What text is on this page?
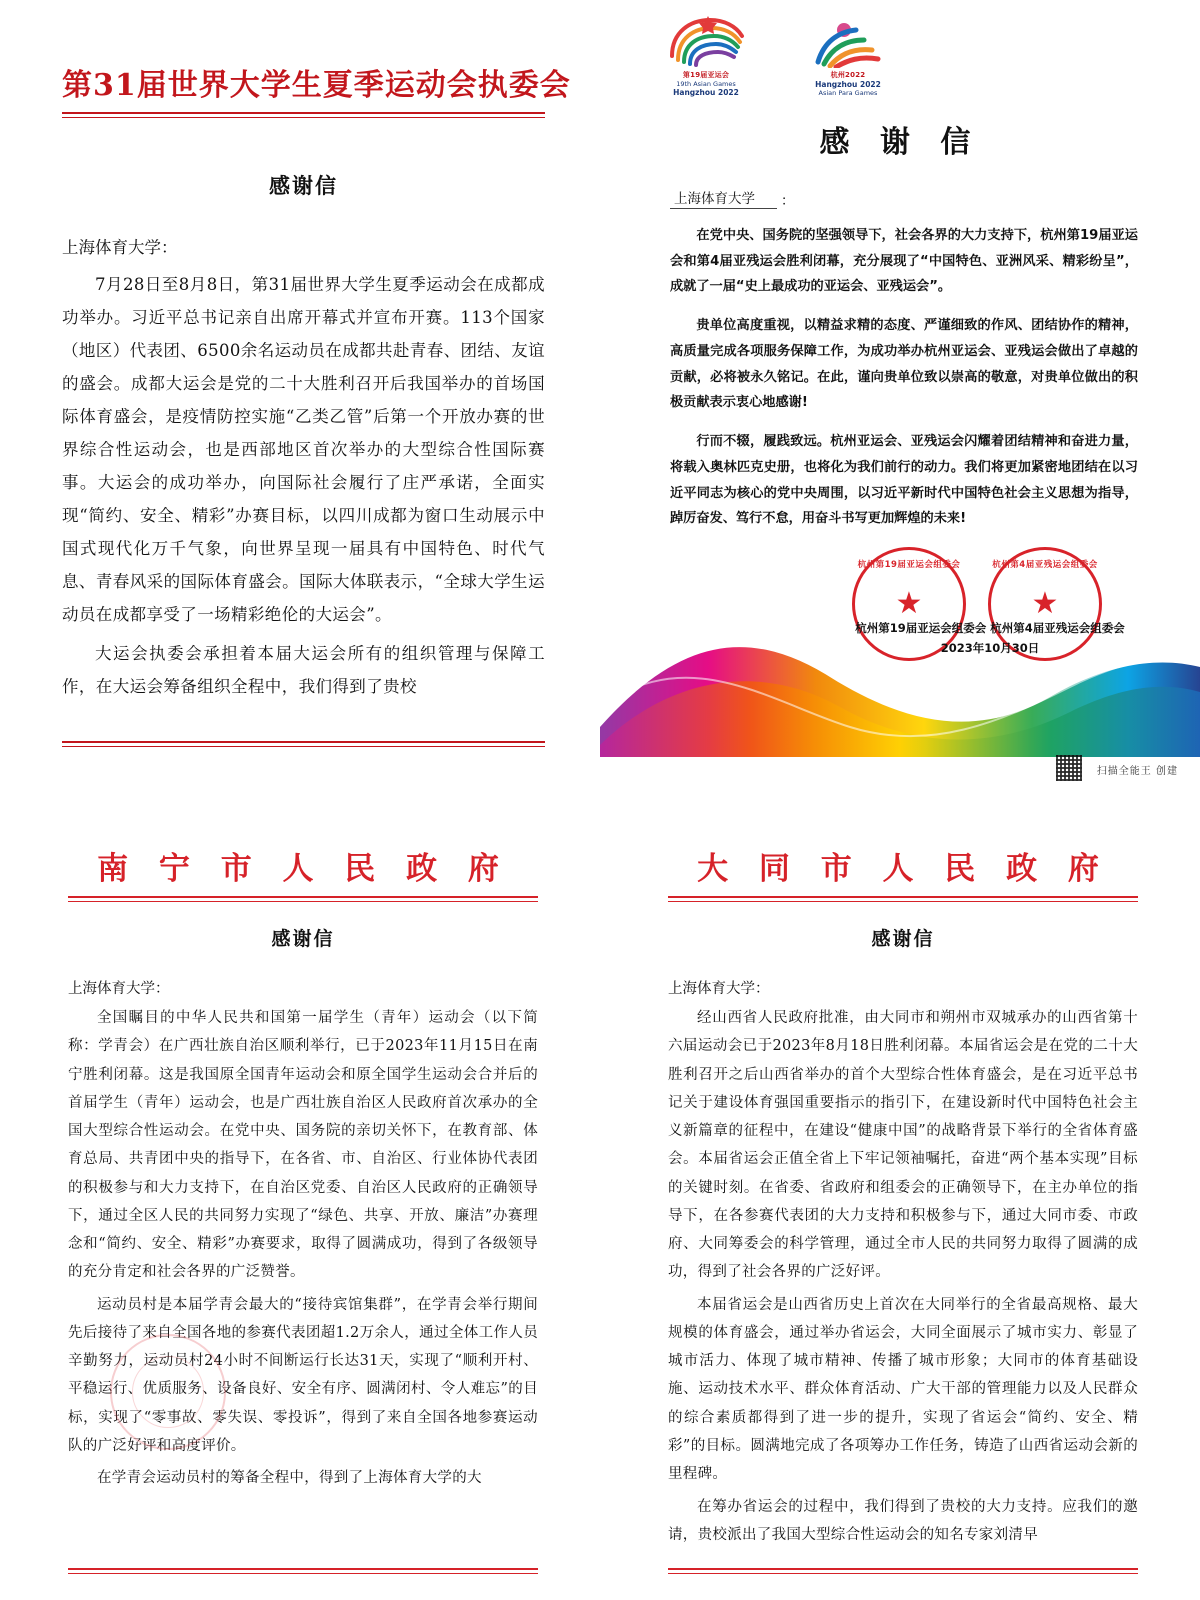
第31届世界大学生夏季运动会执委会
感谢信
上海体育大学：

7月28日至8月8日，第31届世界大学生夏季运动会在成都成功举办。习近平总书记亲自出席开幕式并宣布开赛。113个国家（地区）代表团、6500余名运动员在成都共赴青春、团结、友谊的盛会。成都大运会是党的二十大胜利召开后我国举办的首场国际体育盛会，是疫情防控实施“乙类乙管”后第一个开放办赛的世界综合性运动会，也是西部地区首次举办的大型综合性国际赛事。大运会的成功举办，向国际社会履行了庄严承诺，全面实现“简约、安全、精彩”办赛目标，以四川成都为窗口生动展示中国式现代化万千气象，向世界呈现一届具有中国特色、时代气息、青春风采的国际体育盛会。国际大体联表示，“全球大学生运动员在成都享受了一场精彩绝伦的大运会”。

大运会执委会承担着本届大运会所有的组织管理与保障工作，在大运会筹备组织全程中，我们得到了贵校

第19届亚运会
19th Asian Games
Hangzhou 2022
杭州2022
Hangzhou 2022
Asian Para Games
感 谢 信
上海体育大学	：

在党中央、国务院的坚强领导下，社会各界的大力支持下，杭州第19届亚运会和第4届亚残运会胜利闭幕，充分展现了“中国特色、亚洲风采、精彩纷呈”，成就了一届“史上最成功的亚运会、亚残运会”。

贵单位高度重视，以精益求精的态度、严谨细致的作风、团结协作的精神，高质量完成各项服务保障工作，为成功举办杭州亚运会、亚残运会做出了卓越的贡献，必将被永久铭记。在此，谨向贵单位致以崇高的敬意，对贵单位做出的积极贡献表示衷心地感谢!

行而不辍，履践致远。杭州亚运会、亚残运会闪耀着团结精神和奋进力量，将载入奥林匹克史册，也将化为我们前行的动力。我们将更加紧密地团结在以习近平同志为核心的党中央周围，以习近平新时代中国特色社会主义思想为指导，踔厉奋发、笃行不怠，用奋斗书写更加辉煌的未来!

杭州第19届亚运会组委会
★
杭州第4届亚残运会组委会
★
杭州第19届亚运会组委会 杭州第4届亚残运会组委会
2023年10月30日
扫描全能王 创建
南 宁 市 人 民 政 府
感谢信
上海体育大学：

全国瞩目的中华人民共和国第一届学生（青年）运动会（以下简称：学青会）在广西壮族自治区顺利举行，已于2023年11月15日在南宁胜利闭幕。这是我国原全国青年运动会和原全国学生运动会合并后的首届学生（青年）运动会，也是广西壮族自治区人民政府首次承办的全国大型综合性运动会。在党中央、国务院的亲切关怀下，在教育部、体育总局、共青团中央的指导下，在各省、市、自治区、行业体协代表团的积极参与和大力支持下，在自治区党委、自治区人民政府的正确领导下，通过全区人民的共同努力实现了“绿色、共享、开放、廉洁”办赛理念和“简约、安全、精彩”办赛要求，取得了圆满成功，得到了各级领导的充分肯定和社会各界的广泛赞誉。

运动员村是本届学青会最大的“接待宾馆集群”，在学青会举行期间先后接待了来自全国各地的参赛代表团超1.2万余人，通过全体工作人员辛勤努力，运动员村24小时不间断运行长达31天，实现了“顺利开村、平稳运行、优质服务、设备良好、安全有序、圆满闭村、令人难忘”的目标，实现了“零事故、零失误、零投诉”，得到了来自全国各地参赛运动队的广泛好评和高度评价。

在学青会运动员村的筹备全程中，得到了上海体育大学的大

大 同 市 人 民 政 府
感谢信
上海体育大学：

经山西省人民政府批准，由大同市和朔州市双城承办的山西省第十六届运动会已于2023年8月18日胜利闭幕。本届省运会是在党的二十大胜利召开之后山西省举办的首个大型综合性体育盛会，是在习近平总书记关于建设体育强国重要指示的指引下，在建设新时代中国特色社会主义新篇章的征程中，在建设“健康中国”的战略背景下举行的全省体育盛会。本届省运会正值全省上下牢记领袖嘱托，奋进“两个基本实现”目标的关键时刻。在省委、省政府和组委会的正确领导下，在主办单位的指导下，在各参赛代表团的大力支持和积极参与下，通过大同市委、市政府、大同筹委会的科学管理，通过全市人民的共同努力取得了圆满的成功，得到了社会各界的广泛好评。

本届省运会是山西省历史上首次在大同举行的全省最高规格、最大规模的体育盛会，通过举办省运会，大同全面展示了城市实力、彰显了城市活力、体现了城市精神、传播了城市形象；大同市的体育基础设施、运动技术水平、群众体育活动、广大干部的管理能力以及人民群众的综合素质都得到了进一步的提升，实现了省运会“简约、安全、精彩”的目标。圆满地完成了各项筹办工作任务，铸造了山西省运动会新的里程碑。

在筹办省运会的过程中，我们得到了贵校的大力支持。应我们的邀请，贵校派出了我国大型综合性运动会的知名专家刘清早
